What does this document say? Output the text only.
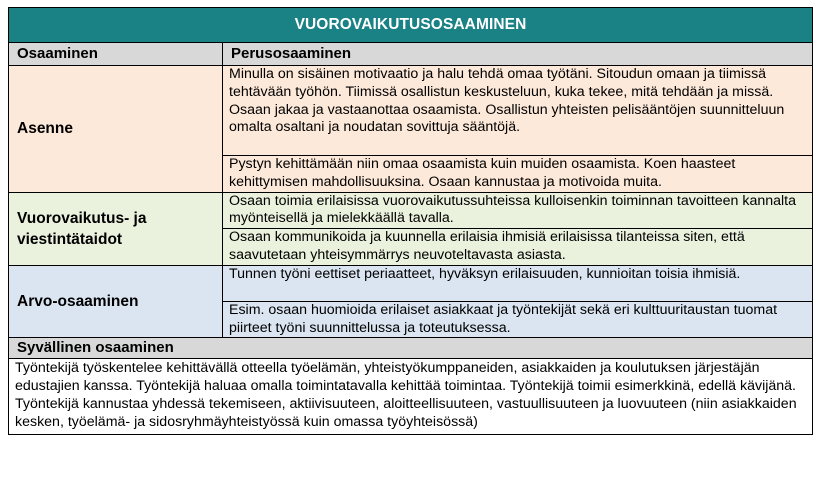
VUOROVAIKUTUSOSAAMINEN	
Osaaminen	Perusosaaminen
Asenne	Minulla on sisäinen motivaatio ja halu tehdä omaa työtäni. Sitoudun omaan ja tiimissä tehtävään työhön. Tiimissä osallistun keskusteluun, kuka tekee, mitä tehdään ja missä. Osaan jakaa ja vastaanottaa osaamista. Osallistun yhteisten pelisääntöjen suunnitteluun omalta osaltani ja noudatan sovittuja sääntöjä.
	Pystyn kehittämään niin omaa osaamista kuin muiden osaamista. Koen haasteet kehittymisen mahdollisuuksina. Osaan kannustaa ja motivoida muita.
Vuorovaikutus- ja viestintätaidot	Osaan toimia erilaisissa vuorovaikutussuhteissa kulloisenkin toiminnan tavoitteen kannalta myönteisellä ja mielekkäällä tavalla.
	Osaan kommunikoida ja kuunnella erilaisia ihmisiä erilaisissa tilanteissa siten, että saavutetaan yhteisymmärrys neuvoteltavasta asiasta.
Arvo-osaaminen	Tunnen työni eettiset periaatteet, hyväksyn erilaisuuden, kunnioitan toisia ihmisiä.
	Esim. osaan huomioida erilaiset asiakkaat ja työntekijät sekä eri kulttuuritaustan tuomat piirteet työni suunnittelussa ja toteutuksessa.
Syvällinen osaaminen	
Työntekijä työskentelee kehittävällä otteella työelämän, yhteistyökumppaneiden, asiakkaiden ja koulutuksen järjestäjän edustajien kanssa. Työntekijä haluaa omalla toimintatavalla kehittää toimintaa. Työntekijä toimii esimerkkinä, edellä kävijänä. Työntekijä kannustaa yhdessä tekemiseen, aktiivisuuteen, aloitteellisuuteen, vastuullisuuteen ja luovuuteen (niin asiakkaiden kesken, työelämä- ja sidosryhmäyhteistyössä kuin omassa työyhteisössä)	
